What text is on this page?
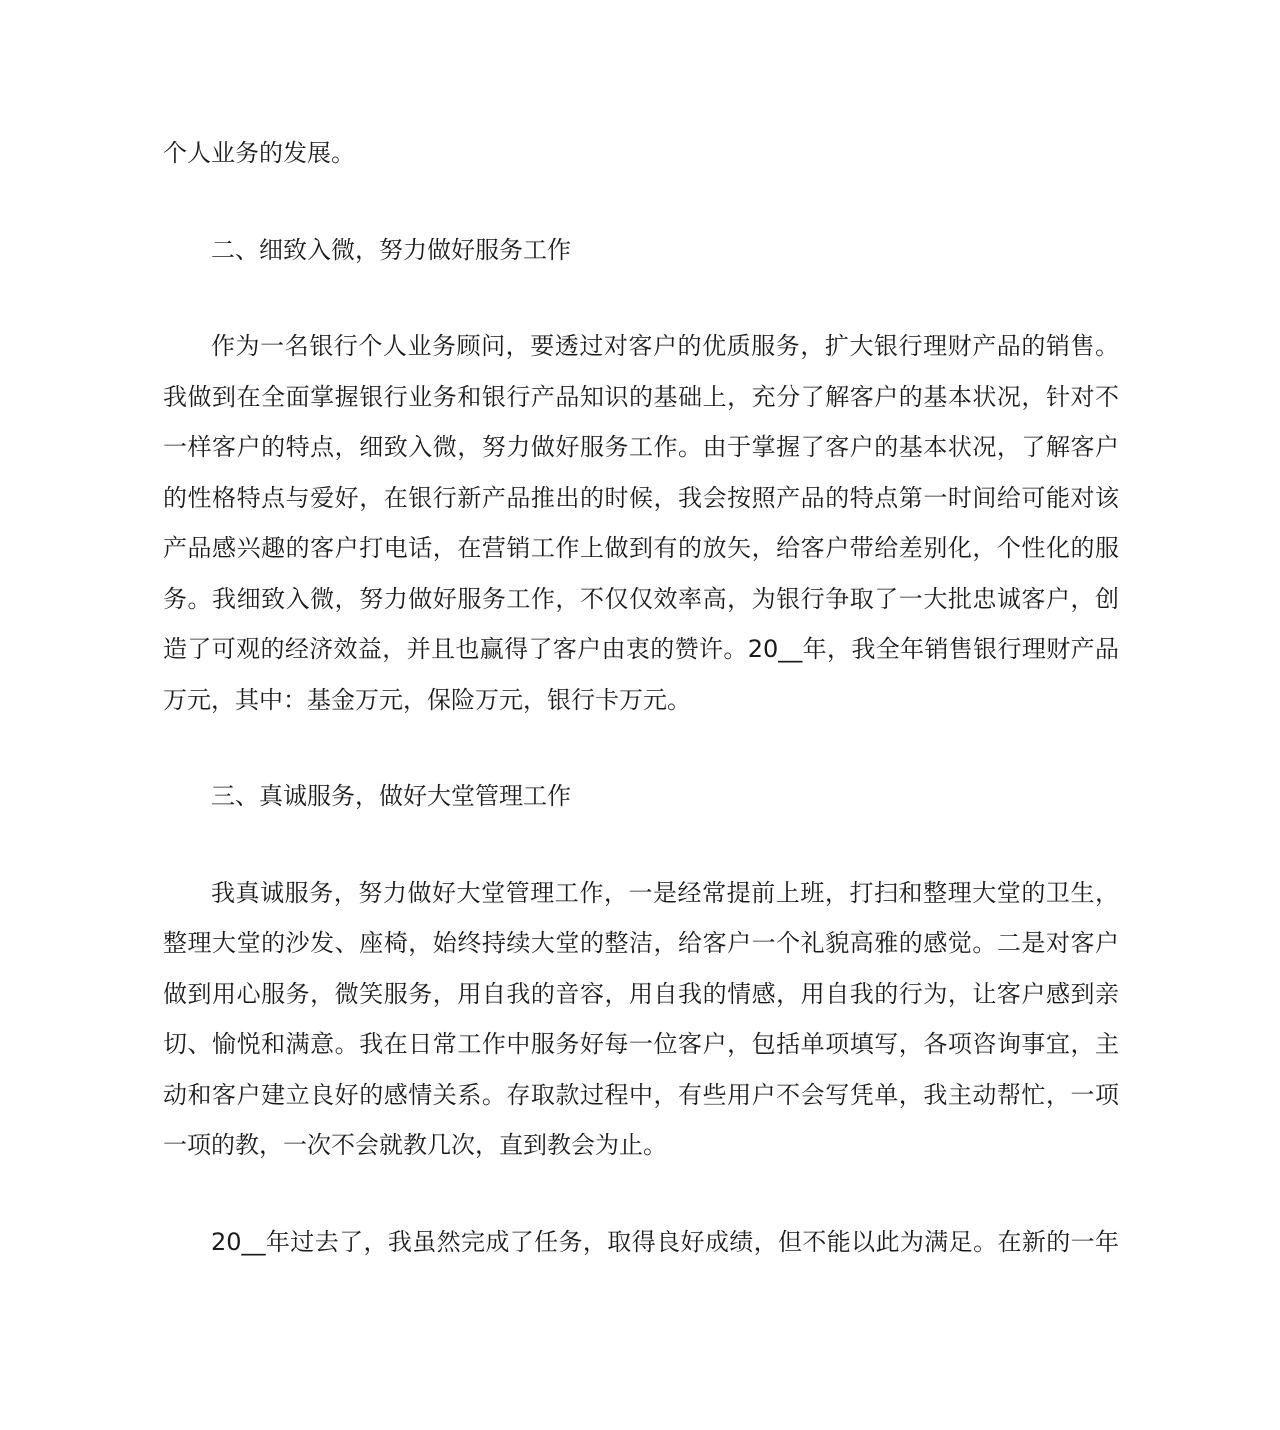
个人业务的发展。

二、细致入微，努力做好服务工作

作为一名银行个人业务顾问，要透过对客户的优质服务，扩大银行理财产品的销售。

我做到在全面掌握银行业务和银行产品知识的基础上，充分了解客户的基本状况，针对不

一样客户的特点，细致入微，努力做好服务工作。由于掌握了客户的基本状况，了解客户

的性格特点与爱好，在银行新产品推出的时候，我会按照产品的特点第一时间给可能对该

产品感兴趣的客户打电话，在营销工作上做到有的放矢，给客户带给差别化，个性化的服

务。我细致入微，努力做好服务工作，不仅仅效率高，为银行争取了一大批忠诚客户，创

造了可观的经济效益，并且也赢得了客户由衷的赞许。20__年，我全年销售银行理财产品

万元，其中：基金万元，保险万元，银行卡万元。

三、真诚服务，做好大堂管理工作

我真诚服务，努力做好大堂管理工作，一是经常提前上班，打扫和整理大堂的卫生，

整理大堂的沙发、座椅，始终持续大堂的整洁，给客户一个礼貌高雅的感觉。二是对客户

做到用心服务，微笑服务，用自我的音容，用自我的情感，用自我的行为，让客户感到亲

切、愉悦和满意。我在日常工作中服务好每一位客户，包括单项填写，各项咨询事宜，主

动和客户建立良好的感情关系。存取款过程中，有些用户不会写凭单，我主动帮忙，一项

一项的教，一次不会就教几次，直到教会为止。

20__年过去了，我虽然完成了任务，取得良好成绩，但不能以此为满足。在新的一年
